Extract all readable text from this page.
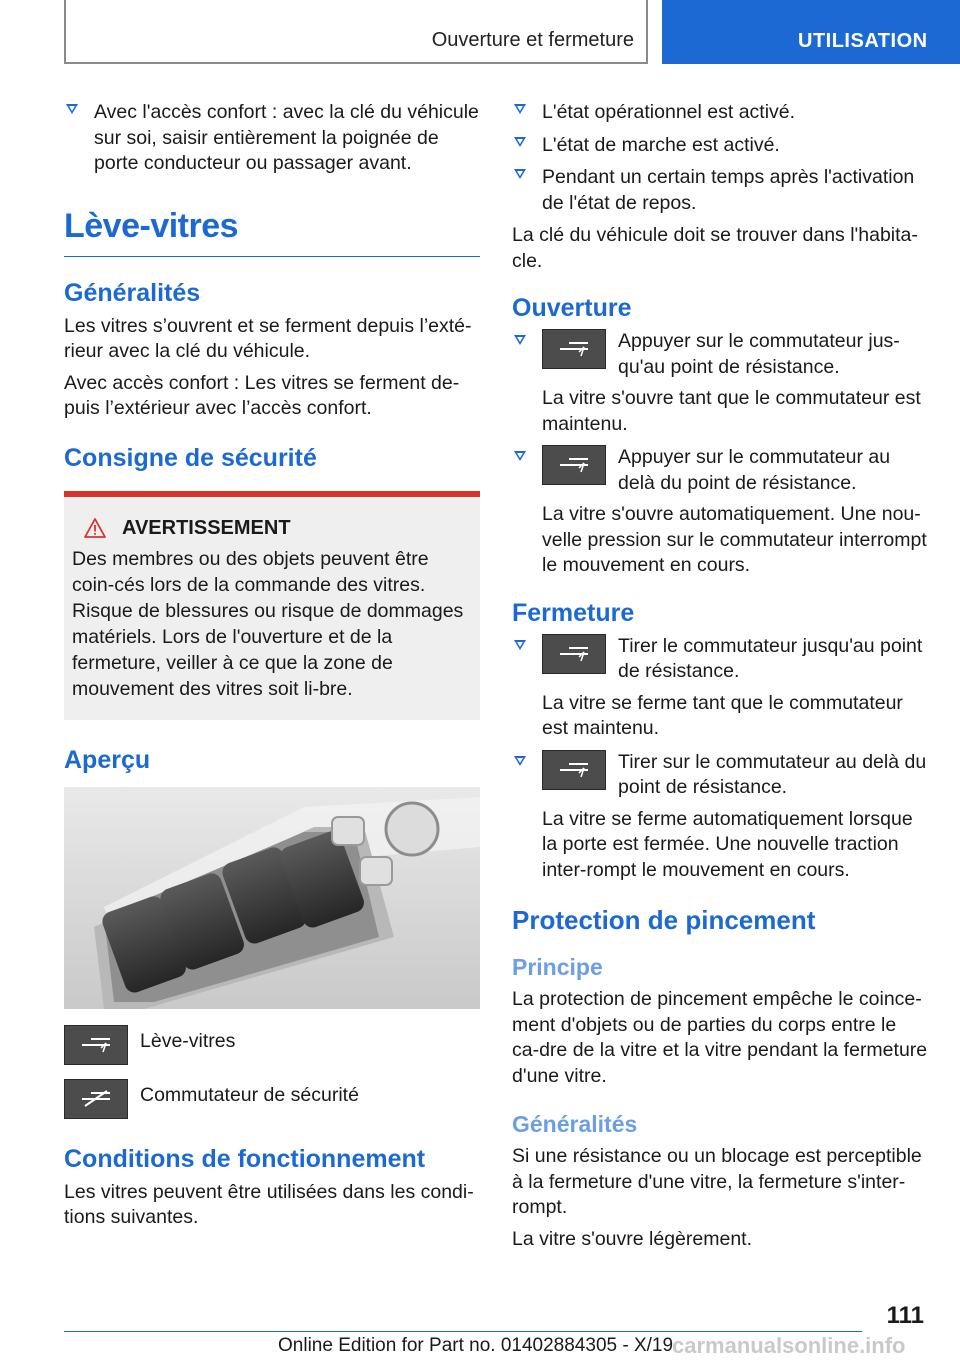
Ouverture et fermeture	UTILISATION
Avec l'accès confort : avec la clé du véhicule sur soi, saisir entièrement la poignée de porte conducteur ou passager avant.
Lève-vitres
Généralités

Les vitres s’ouvrent et se ferment depuis l’exté-rieur avec la clé du véhicule.

Avec accès confort : Les vitres se ferment de-puis l’extérieur avec l’accès confort.

Consigne de sécurité
AVERTISSEMENT

Des membres ou des objets peuvent être coin-cés lors de la commande des vitres. Risque de blessures ou risque de dommages matériels. Lors de l'ouverture et de la fermeture, veiller à ce que la zone de mouvement des vitres soit li-bre.

Aperçu
Lève-vitres
Commutateur de sécurité
Conditions de fonctionnement

Les vitres peuvent être utilisées dans les condi-tions suivantes.

L'état opérationnel est activé.
L'état de marche est activé.
Pendant un certain temps après l'activation de l'état de repos.

La clé du véhicule doit se trouver dans l'habita-cle.

Ouverture
Appuyer sur le commutateur jus-qu'au point de résistance.

La vitre s'ouvre tant que le commutateur est maintenu.

Appuyer sur le commutateur au delà du point de résistance.

La vitre s'ouvre automatiquement. Une nou-velle pression sur le commutateur interrompt le mouvement en cours.

Fermeture
Tirer le commutateur jusqu'au point de résistance.

La vitre se ferme tant que le commutateur est maintenu.

Tirer sur le commutateur au delà du point de résistance.

La vitre se ferme automatiquement lorsque la porte est fermée. Une nouvelle traction inter-rompt le mouvement en cours.

Protection de pincement
Principe

La protection de pincement empêche le coince-ment d'objets ou de parties du corps entre le ca-dre de la vitre et la vitre pendant la fermeture d'une vitre.

Généralités

Si une résistance ou un blocage est perceptible à la fermeture d'une vitre, la fermeture s'inter-rompt.

La vitre s'ouvre légèrement.

111
carmanualsonline.info
Online Edition for Part no. 01402884305 - X/19
